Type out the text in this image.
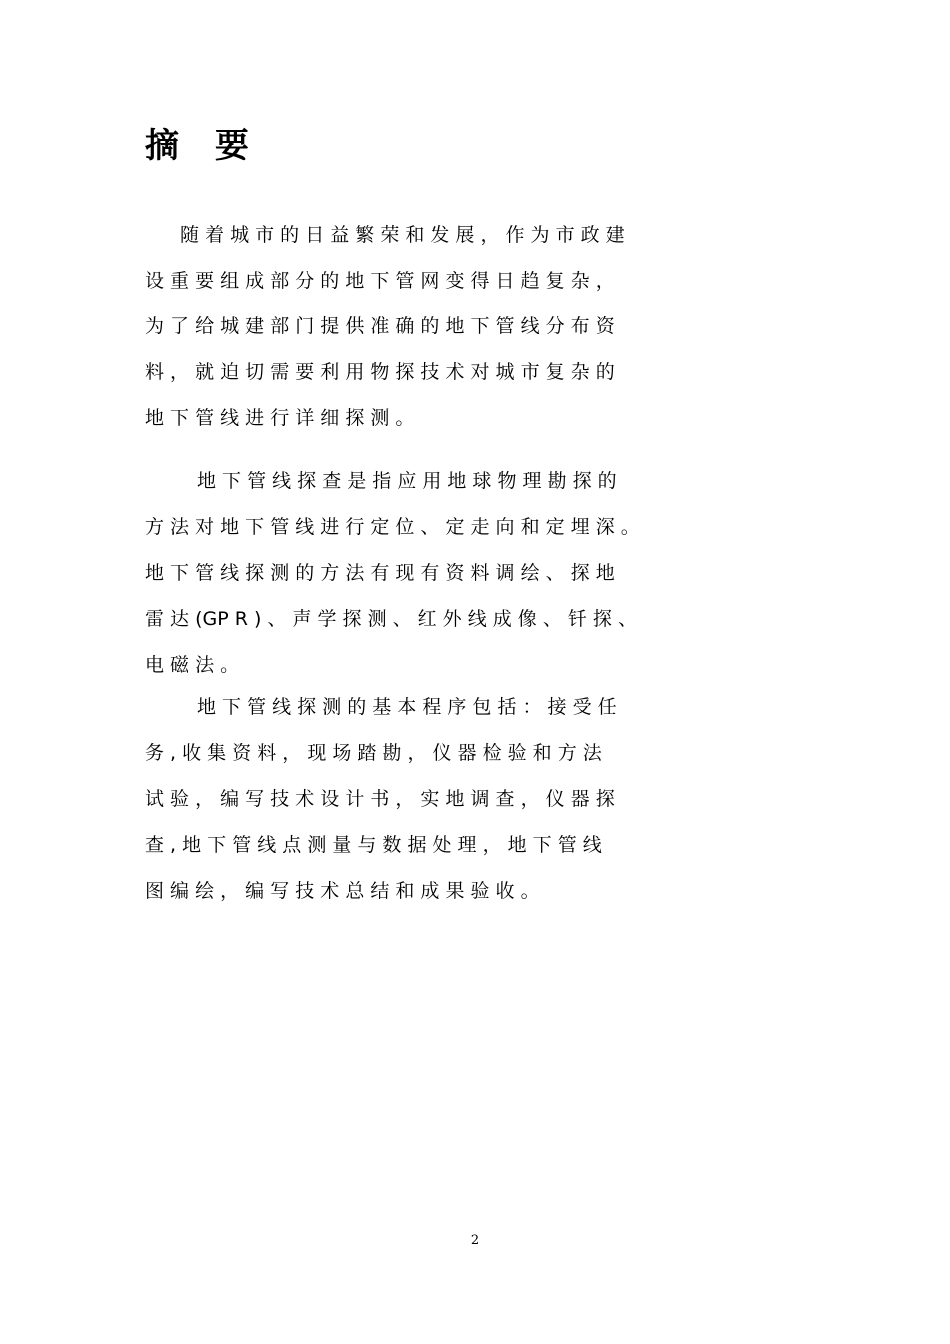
摘 要
随 着 城 市 的 日 益 繁 荣 和 发 展 ， 作 为 市 政 建
设 重 要 组 成 部 分 的 地 下 管 网 变 得 日 趋 复 杂 ，
为 了 给 城 建 部 门 提 供 准 确 的 地 下 管 线 分 布 资
料 ， 就 迫 切 需 要 利 用 物 探 技 术 对 城 市 复 杂 的
地 下 管 线 进 行 详 细 探 测 。
地 下 管 线 探 查 是 指 应 用 地 球 物 理 勘 探 的
方 法 对 地 下 管 线 进 行 定 位 、 定 走 向 和 定 埋 深 。
地 下 管 线 探 测 的 方 法 有 现 有 资 料 调 绘 、 探 地
雷 达 (GP R ) 、 声 学 探 测 、 红 外 线 成 像 、 钎 探 、
电 磁 法 。
地 下 管 线 探 测 的 基 本 程 序 包 括 ： 接 受 任
务 , 收 集 资 料 ， 现 场 踏 勘 ， 仪 器 检 验 和 方 法
试 验 ， 编 写 技 术 设 计 书 ， 实 地 调 查 ， 仪 器 探
查 , 地 下 管 线 点 测 量 与 数 据 处 理 ， 地 下 管 线
图 编 绘 ， 编 写 技 术 总 结 和 成 果 验 收 。
2
